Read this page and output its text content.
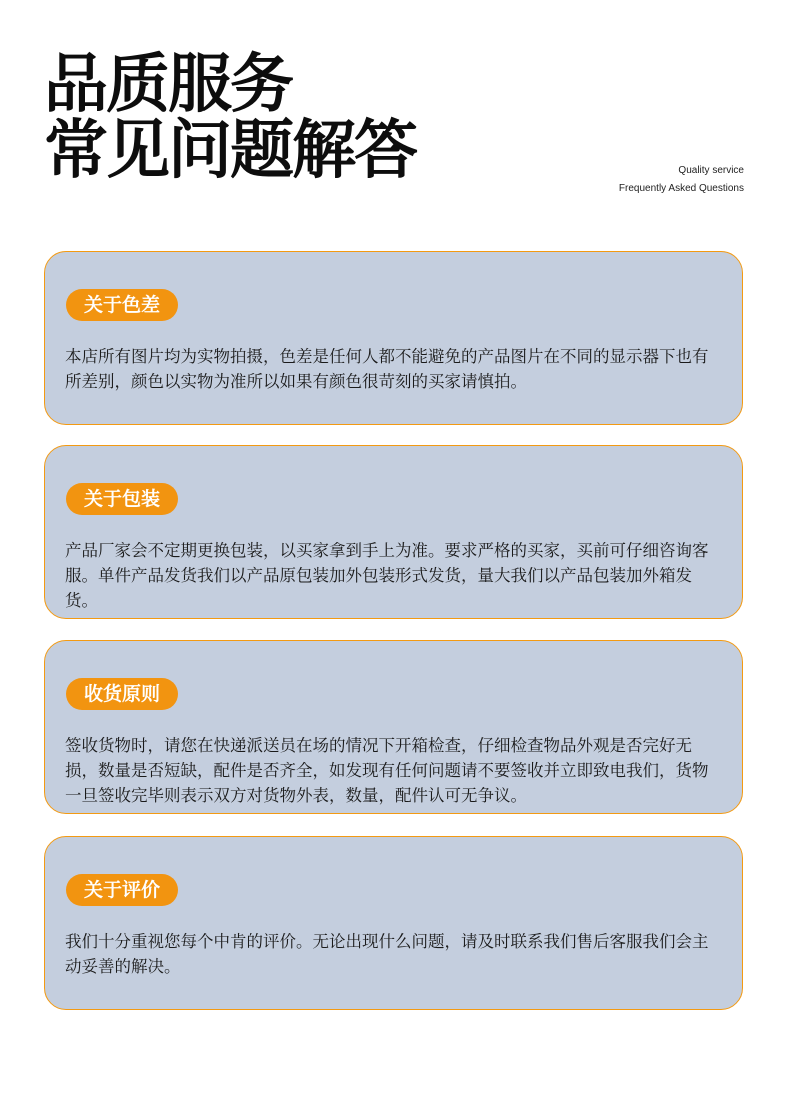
品质服务
常见问题解答	Quality service
Frequently Asked Questions
关于色差

本店所有图片均为实物拍摄，色差是任何人都不能避免的产品图片在不同的显示器下也有所差别，颜色以实物为准所以如果有颜色很苛刻的买家请慎拍。

关于包装

产品厂家会不定期更换包装，以买家拿到手上为准。要求严格的买家，买前可仔细咨询客服。单件产品发货我们以产品原包装加外包装形式发货，量大我们以产品包装加外箱发货。

收货原则

签收货物时，请您在快递派送员在场的情况下开箱检查，仔细检查物品外观是否完好无损，数量是否短缺，配件是否齐全，如发现有任何问题请不要签收并立即致电我们，货物一旦签收完毕则表示双方对货物外表，数量，配件认可无争议。

关于评价

我们十分重视您每个中肯的评价。无论出现什么问题，请及时联系我们售后客服我们会主动妥善的解决。
